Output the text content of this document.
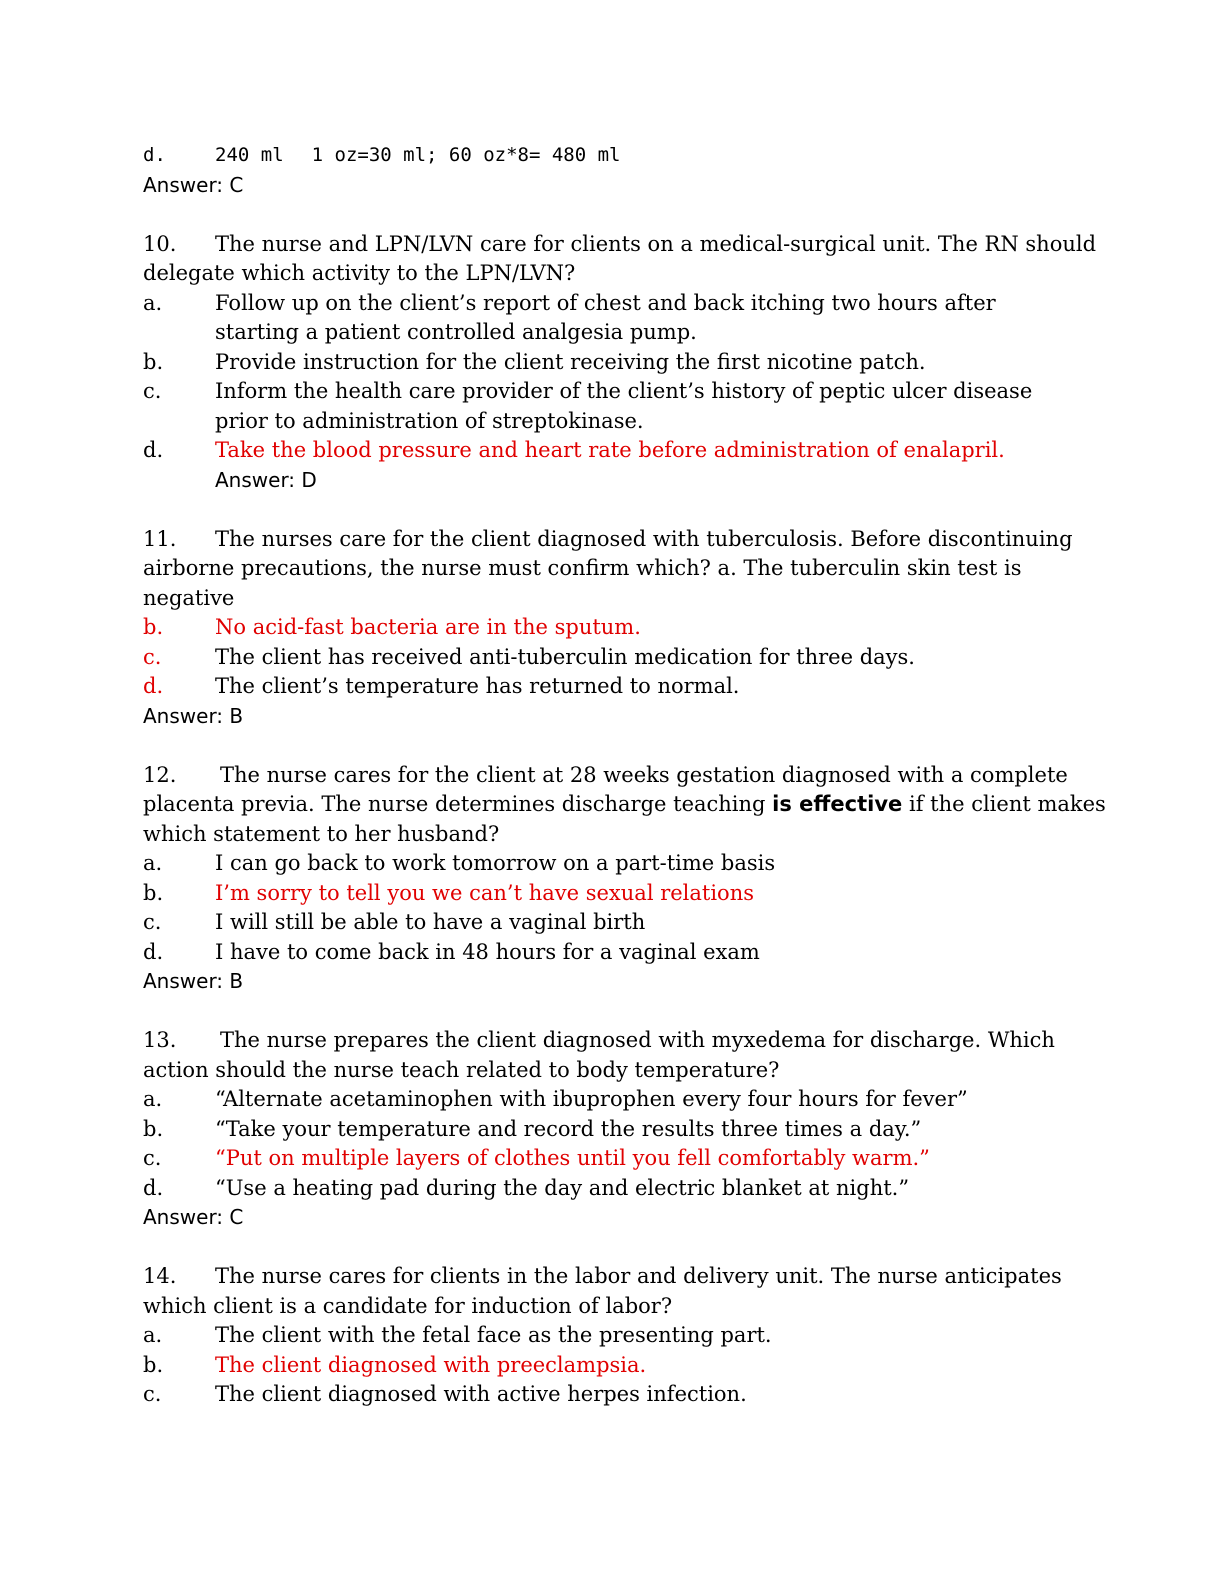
d.	240 ml 1 oz=30 ml; 60 oz*8= 480 ml
Answer: C
10. The nurse and LPN/LVN care for clients on a medical-surgical unit. The RN should
delegate which activity to the LPN/LVN?
a.	Follow up on the client’s report of chest and back itching two hours after starting a patient controlled analgesia pump.
b.	Provide instruction for the client receiving the first nicotine patch.
c.	Inform the health care provider of the client’s history of peptic ulcer disease prior to administration of streptokinase.
d.	Take the blood pressure and heart rate before administration of enalapril. Answer: D
11. The nurses care for the client diagnosed with tuberculosis. Before discontinuing
airborne precautions, the nurse must confirm which? a. The tuberculin skin test is
negative
b. No acid-fast bacteria are in the sputum.
c.	The client has received anti-tuberculin medication for three days.
d. The client’s temperature has returned to normal.
Answer: B
12. The nurse cares for the client at 28 weeks gestation diagnosed with a complete
placenta previa. The nurse determines discharge teaching is effective if the client makes
which statement to her husband?
a.	I can go back to work tomorrow on a part-time basis
b. I’m sorry to tell you we can’t have sexual relations
c.	I will still be able to have a vaginal birth
d. I have to come back in 48 hours for a vaginal exam
Answer: B
13. The nurse prepares the client diagnosed with myxedema for discharge. Which
action should the nurse teach related to body temperature?
a.	“Alternate acetaminophen with ibuprophen every four hours for fever”
b. “Take your temperature and record the results three times a day.”
c.	“Put on multiple layers of clothes until you fell comfortably warm.”
d. “Use a heating pad during the day and electric blanket at night.”
Answer: C
14. The nurse cares for clients in the labor and delivery unit. The nurse anticipates
which client is a candidate for induction of labor?
a.	The client with the fetal face as the presenting part.
b. The client diagnosed with preeclampsia.
c.	The client diagnosed with active herpes infection.
